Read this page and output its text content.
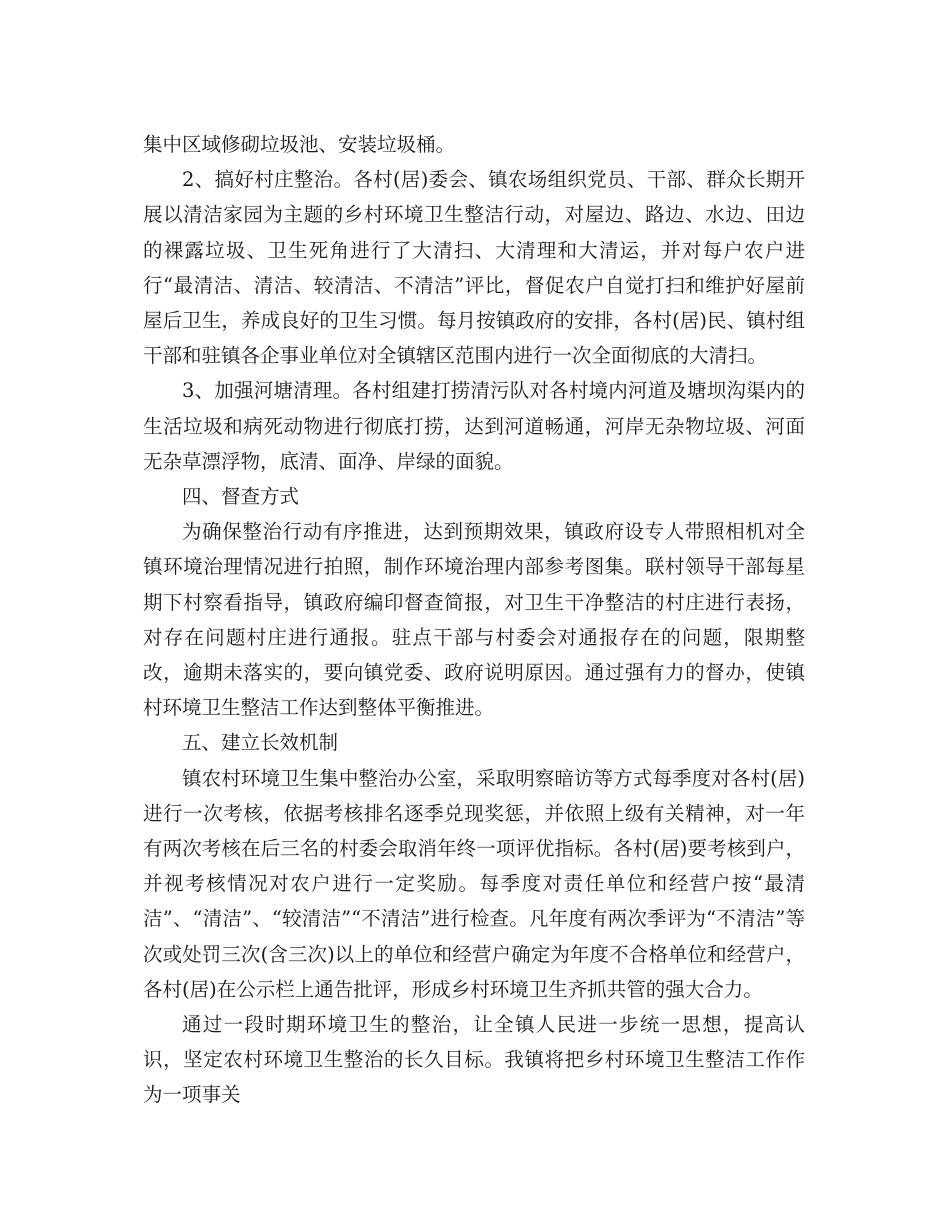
集中区域修砌垃圾池、安装垃圾桶。

2、搞好村庄整治。各村(居)委会、镇农场组织党员、干部、群众长期开展以清洁家园为主题的乡村环境卫生整洁行动，对屋边、路边、水边、田边的裸露垃圾、卫生死角进行了大清扫、大清理和大清运，并对每户农户进行“最清洁、清洁、较清洁、不清洁”评比，督促农户自觉打扫和维护好屋前屋后卫生，养成良好的卫生习惯。每月按镇政府的安排，各村(居)民、镇村组干部和驻镇各企事业单位对全镇辖区范围内进行一次全面彻底的大清扫。

3、加强河塘清理。各村组建打捞清污队对各村境内河道及塘坝沟渠内的生活垃圾和病死动物进行彻底打捞，达到河道畅通，河岸无杂物垃圾、河面无杂草漂浮物，底清、面净、岸绿的面貌。

四、督查方式

为确保整治行动有序推进，达到预期效果，镇政府设专人带照相机对全镇环境治理情况进行拍照，制作环境治理内部参考图集。联村领导干部每星期下村察看指导，镇政府编印督查简报，对卫生干净整洁的村庄进行表扬，对存在问题村庄进行通报。驻点干部与村委会对通报存在的问题，限期整改，逾期未落实的，要向镇党委、政府说明原因。通过强有力的督办，使镇村环境卫生整洁工作达到整体平衡推进。

五、建立长效机制

镇农村环境卫生集中整治办公室，采取明察暗访等方式每季度对各村(居)进行一次考核，依据考核排名逐季兑现奖惩，并依照上级有关精神，对一年有两次考核在后三名的村委会取消年终一项评优指标。各村(居)要考核到户，并视考核情况对农户进行一定奖励。每季度对责任单位和经营户按“最清洁”、“清洁”、“较清洁”“不清洁”进行检查。凡年度有两次季评为“不清洁”等次或处罚三次(含三次)以上的单位和经营户确定为年度不合格单位和经营户，各村(居)在公示栏上通告批评，形成乡村环境卫生齐抓共管的强大合力。

通过一段时期环境卫生的整治，让全镇人民进一步统一思想，提高认识，坚定农村环境卫生整治的长久目标。我镇将把乡村环境卫生整洁工作作为一项事关
